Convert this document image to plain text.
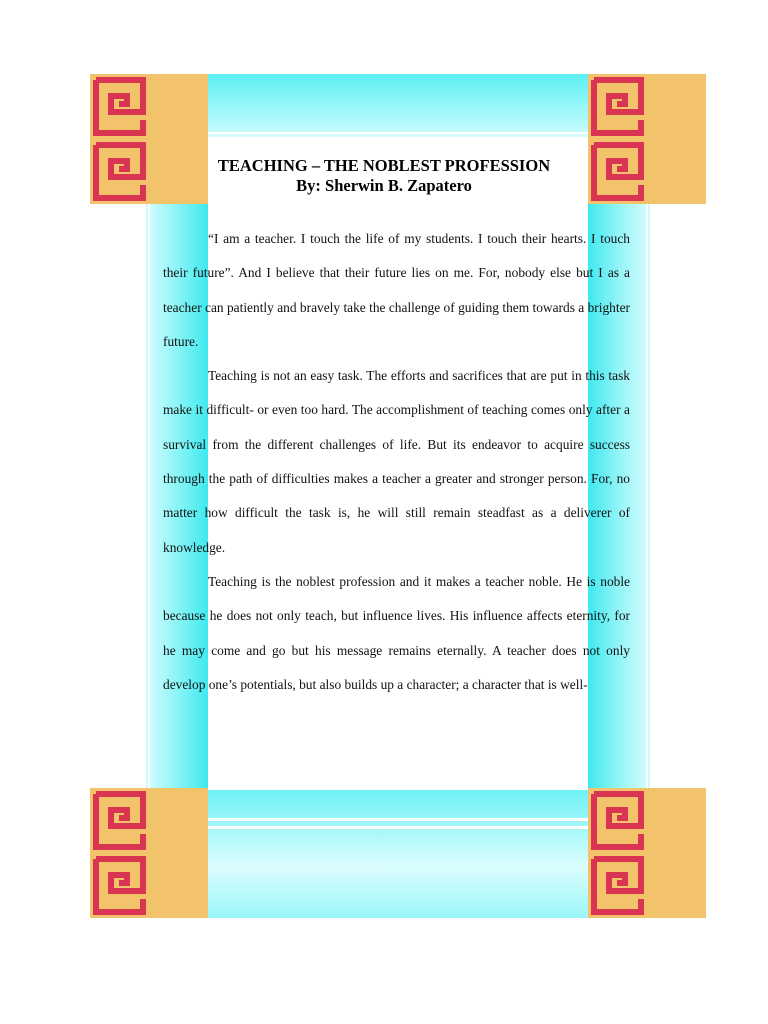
TEACHING – THE NOBLEST PROFESSION
By: Sherwin B. Zapatero

“I am a teacher. I touch the life of my students. I touch their hearts. I touch their future”. And I believe that their future lies on me. For, nobody else but I as a teacher can patiently and bravely take the challenge of guiding them towards a brighter future.

Teaching is not an easy task. The efforts and sacrifices that are put in this task make it difficult- or even too hard. The accomplishment of teaching comes only after a survival from the different challenges of life. But its endeavor to acquire success through the path of difficulties makes a teacher a greater and stronger person. For, no matter how difficult the task is, he will still remain steadfast as a deliverer of knowledge.

Teaching is the noblest profession and it makes a teacher noble. He is noble because he does not only teach, but influence lives. His influence affects eternity, for he may come and go but his message remains eternally. A teacher does not only develop one’s potentials, but also builds up a character; a character that is well-
